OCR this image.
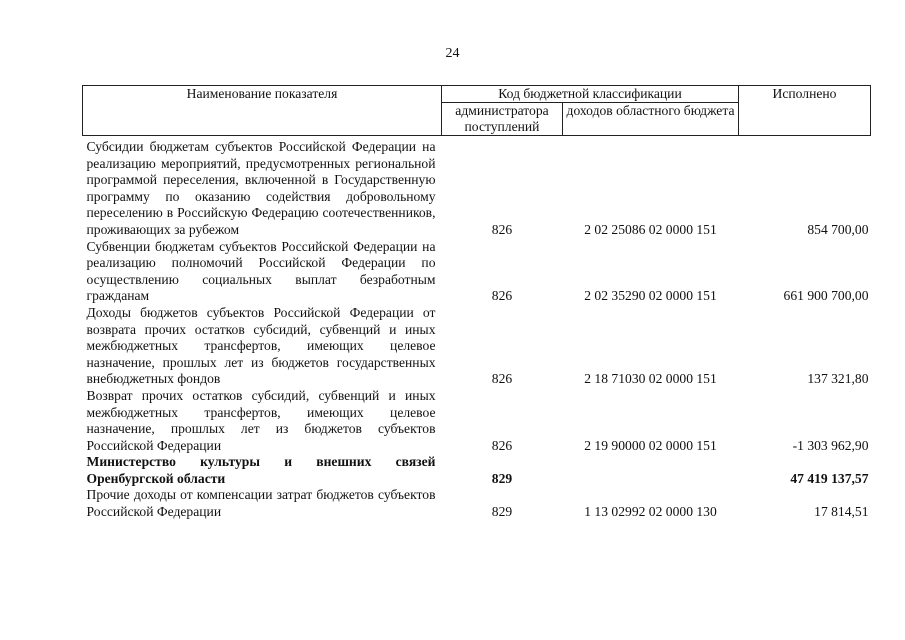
24
Наименование показателя	Код бюджетной классификации		Исполнено
	администратора поступлений	доходов областного бюджета	
Субсидии бюджетам субъектов Российской Федерации на реализацию мероприятий, предусмотренных региональной программой переселения, включенной в Государственную программу по оказанию содействия добровольному переселению в Российскую Федерацию соотечественников, проживающих за рубежом	826	2 02 25086 02 0000 151	854 700,00
Субвенции бюджетам субъектов Российской Федерации на реализацию полномочий Российской Федерации по осуществлению социальных выплат безработным гражданам	826	2 02 35290 02 0000 151	661 900 700,00
Доходы бюджетов субъектов Российской Федерации от возврата прочих остатков субсидий, субвенций и иных межбюджетных трансфертов, имеющих целевое назначение, прошлых лет из бюджетов государственных внебюджетных фондов	826	2 18 71030 02 0000 151	137 321,80
Возврат прочих остатков субсидий, субвенций и иных межбюджетных трансфертов, имеющих целевое назначение, прошлых лет из бюджетов субъектов Российской Федерации	826	2 19 90000 02 0000 151	-1 303 962,90
Министерство культуры и внешних связей Оренбургской области	829		47 419 137,57
Прочие доходы от компенсации затрат бюджетов субъектов Российской Федерации	829	1 13 02992 02 0000 130	17 814,51
